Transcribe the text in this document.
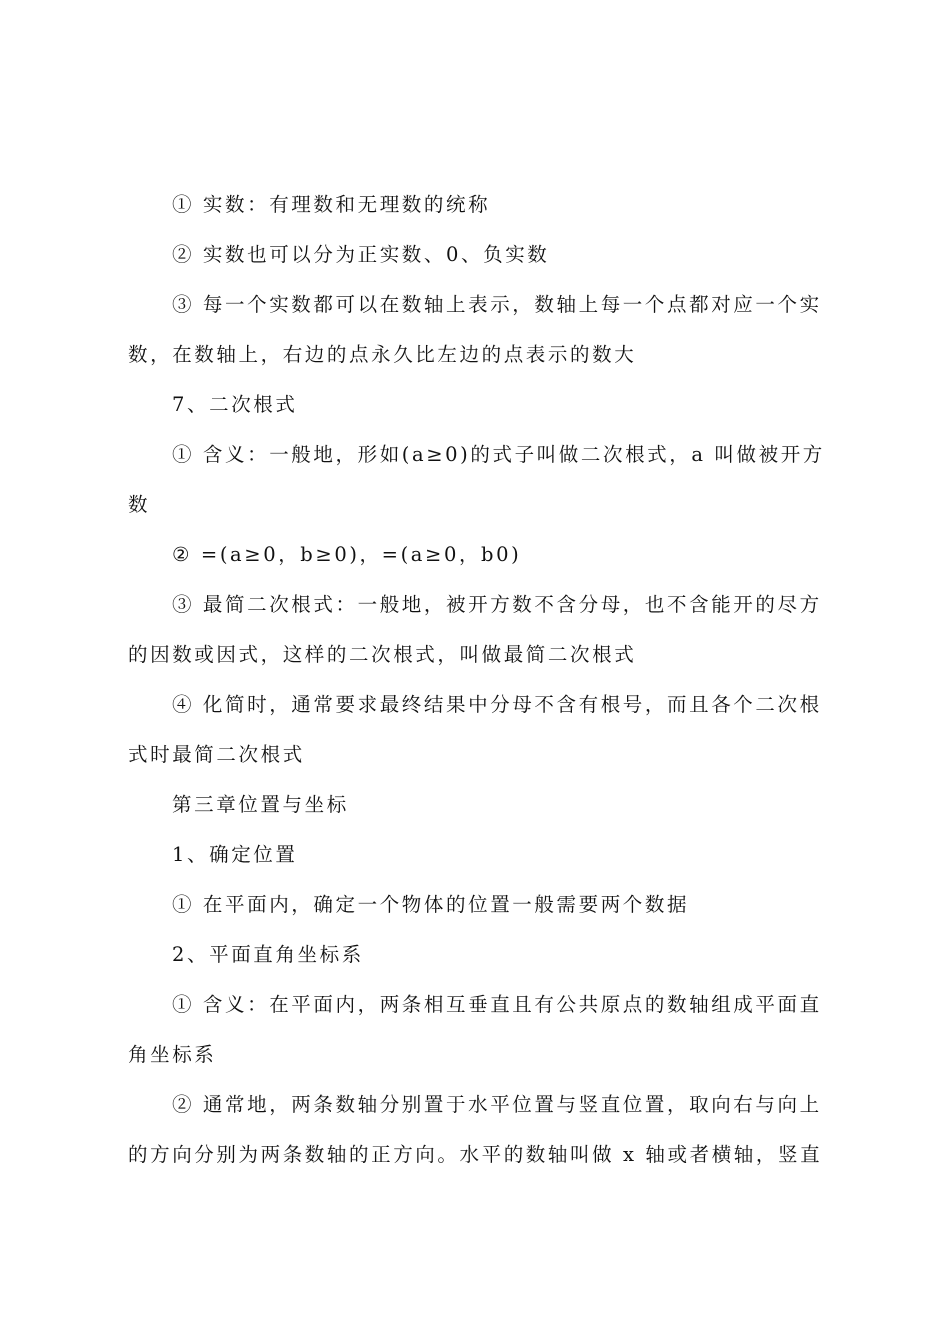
① 实数：有理数和无理数的统称
② 实数也可以分为正实数、0、负实数
③ 每一个实数都可以在数轴上表示，数轴上每一个点都对应一个实
数，在数轴上，右边的点永久比左边的点表示的数大
7、二次根式
① 含义：一般地，形如(a≥0)的式子叫做二次根式，a 叫做被开方
数
② =(a≥0，b≥0)，=(a≥0，b0)
③ 最简二次根式：一般地，被开方数不含分母，也不含能开的尽方
的因数或因式，这样的二次根式，叫做最简二次根式
④ 化简时，通常要求最终结果中分母不含有根号，而且各个二次根
式时最简二次根式
第三章位置与坐标
1、确定位置
① 在平面内，确定一个物体的位置一般需要两个数据
2、平面直角坐标系
① 含义：在平面内，两条相互垂直且有公共原点的数轴组成平面直
角坐标系
② 通常地，两条数轴分别置于水平位置与竖直位置，取向右与向上
的方向分别为两条数轴的正方向。水平的数轴叫做 x 轴或者横轴，竖直
